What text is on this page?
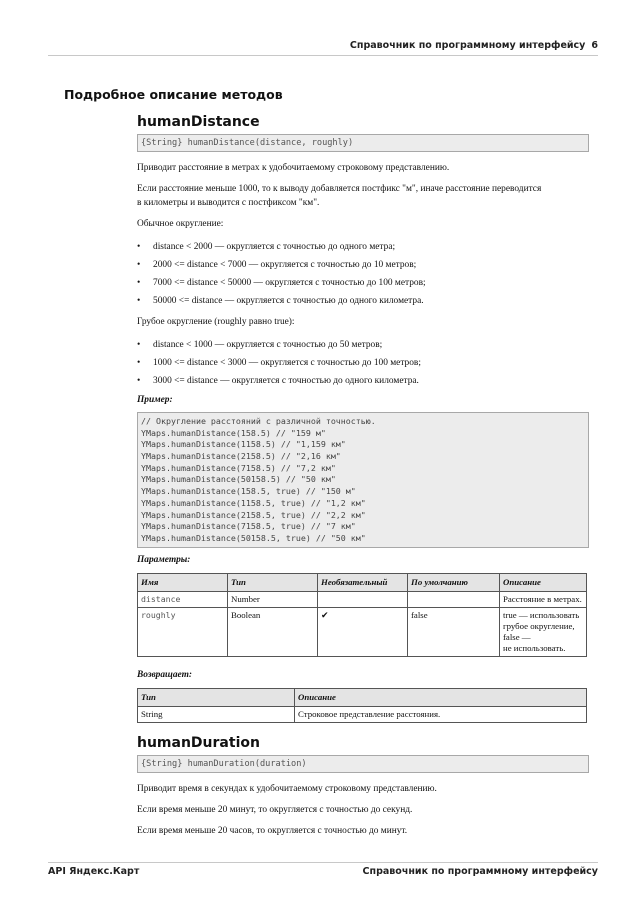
Справочник по программному интерфейсу 6
Подробное описание методов
humanDistance
{String} humanDistance(distance, roughly)

Приводит расстояние в метрах к удобочитаемому строковому представлению.

Если расстояние меньше 1000, то к выводу добавляется постфикс "м", иначе расстояние переводится

в километры и выводится с постфиксом "км".

Обычное округление:

• distance < 2000 — округляется с точностью до одного метра;
• 2000 <= distance < 7000 — округляется с точностью до 10 метров;
• 7000 <= distance < 50000 — округляется с точностью до 100 метров;
• 50000 <= distance — округляется с точностью до одного километра.

Грубое округление (roughly равно true):

• distance < 1000 — округляется с точностью до 50 метров;
• 1000 <= distance < 3000 — округляется с точностью до 100 метров;
• 3000 <= distance — округляется с точностью до одного километра.

Пример:

// Округление расстояний с различной точностью.
YMaps.humanDistance(158.5) // "159 м"
YMaps.humanDistance(1158.5) // "1,159 км"
YMaps.humanDistance(2158.5) // "2,16 км"
YMaps.humanDistance(7158.5) // "7,2 км"
YMaps.humanDistance(50158.5) // "50 км"
YMaps.humanDistance(158.5, true) // "150 м"
YMaps.humanDistance(1158.5, true) // "1,2 км"
YMaps.humanDistance(2158.5, true) // "2,2 км"
YMaps.humanDistance(7158.5, true) // "7 км"
YMaps.humanDistance(50158.5, true) // "50 км"

Параметры:

Имя	Тип	Необязательный	По умолчанию	Описание
distance	Number			Расстояние в метрах.
roughly	Boolean	✔	false	true — использовать
грубое округление,
false —
не использовать.

Возвращает:

Тип	Описание
String	Строковое представление расстояния.
humanDuration
{String} humanDuration(duration)

Приводит время в секундах к удобочитаемому строковому представлению.

Если время меньше 20 минут, то округляется с точностью до секунд.

Если время меньше 20 часов, то округляется с точностью до минут.

API Яндекс.Карт	Справочник по программному интерфейсу
